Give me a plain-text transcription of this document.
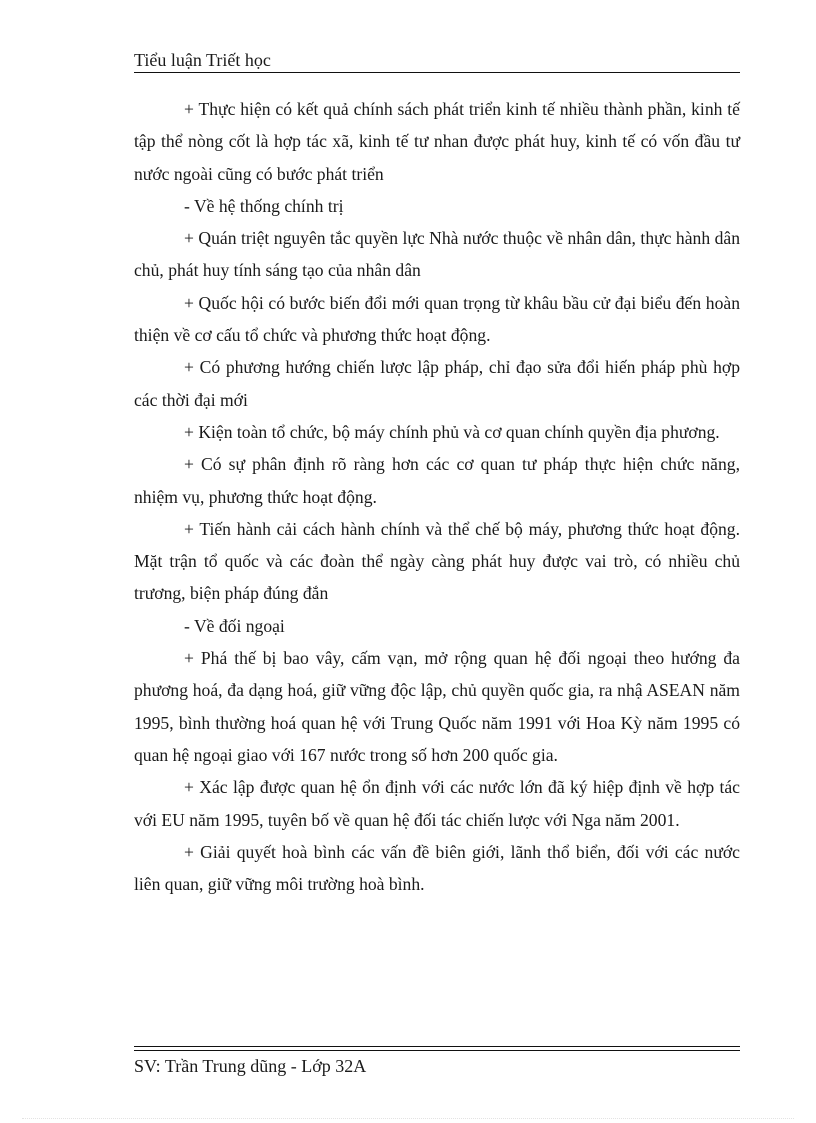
Tiểu luận Triết học

+ Thực hiện có kết quả chính sách phát triển kinh tế nhiều thành phần, kinh tế tập thể nòng cốt là hợp tác xã, kinh tế tư nhan được phát huy, kinh tế có vốn đầu tư nước ngoài cũng có bước phát triển

- Về hệ thống chính trị

+ Quán triệt nguyên tắc quyền lực Nhà nước thuộc về nhân dân, thực hành dân chủ, phát huy tính sáng tạo của nhân dân

+ Quốc hội có bước biến đổi mới quan trọng từ khâu bầu cử đại biểu đến hoàn thiện về cơ cấu tổ chức và phương thức hoạt động.

+ Có phương hướng chiến lược lập pháp, chỉ đạo sửa đổi hiến pháp phù hợp các thời đại mới

+ Kiện toàn tổ chức, bộ máy chính phủ và cơ quan chính quyền địa phương.

+ Có sự phân định rõ ràng hơn các cơ quan tư pháp thực hiện chức năng, nhiệm vụ, phương thức hoạt động.

+ Tiến hành cải cách hành chính và thể chế bộ máy, phương thức hoạt động. Mặt trận tổ quốc và các đoàn thể ngày càng phát huy được vai trò, có nhiều chủ trương, biện pháp đúng đắn

- Về đối ngoại

+ Phá thế bị bao vây, cấm vạn, mở rộng quan hệ đối ngoại theo hướng đa phương hoá, đa dạng hoá, giữ vững độc lập, chủ quyền quốc gia, ra nhậ ASEAN năm 1995, bình thường hoá quan hệ với Trung Quốc năm 1991 với Hoa Kỳ năm 1995 có quan hệ ngoại giao với 167 nước trong số hơn 200 quốc gia.

+ Xác lập được quan hệ ổn định với các nước lớn đã ký hiệp định về hợp tác với EU năm 1995, tuyên bố về quan hệ đối tác chiến lược với Nga năm 2001.

+ Giải quyết hoà bình các vấn đề biên giới, lãnh thổ biển, đối với các nước liên quan, giữ vững môi trường hoà bình.

SV: Trần Trung dũng - Lớp 32A
